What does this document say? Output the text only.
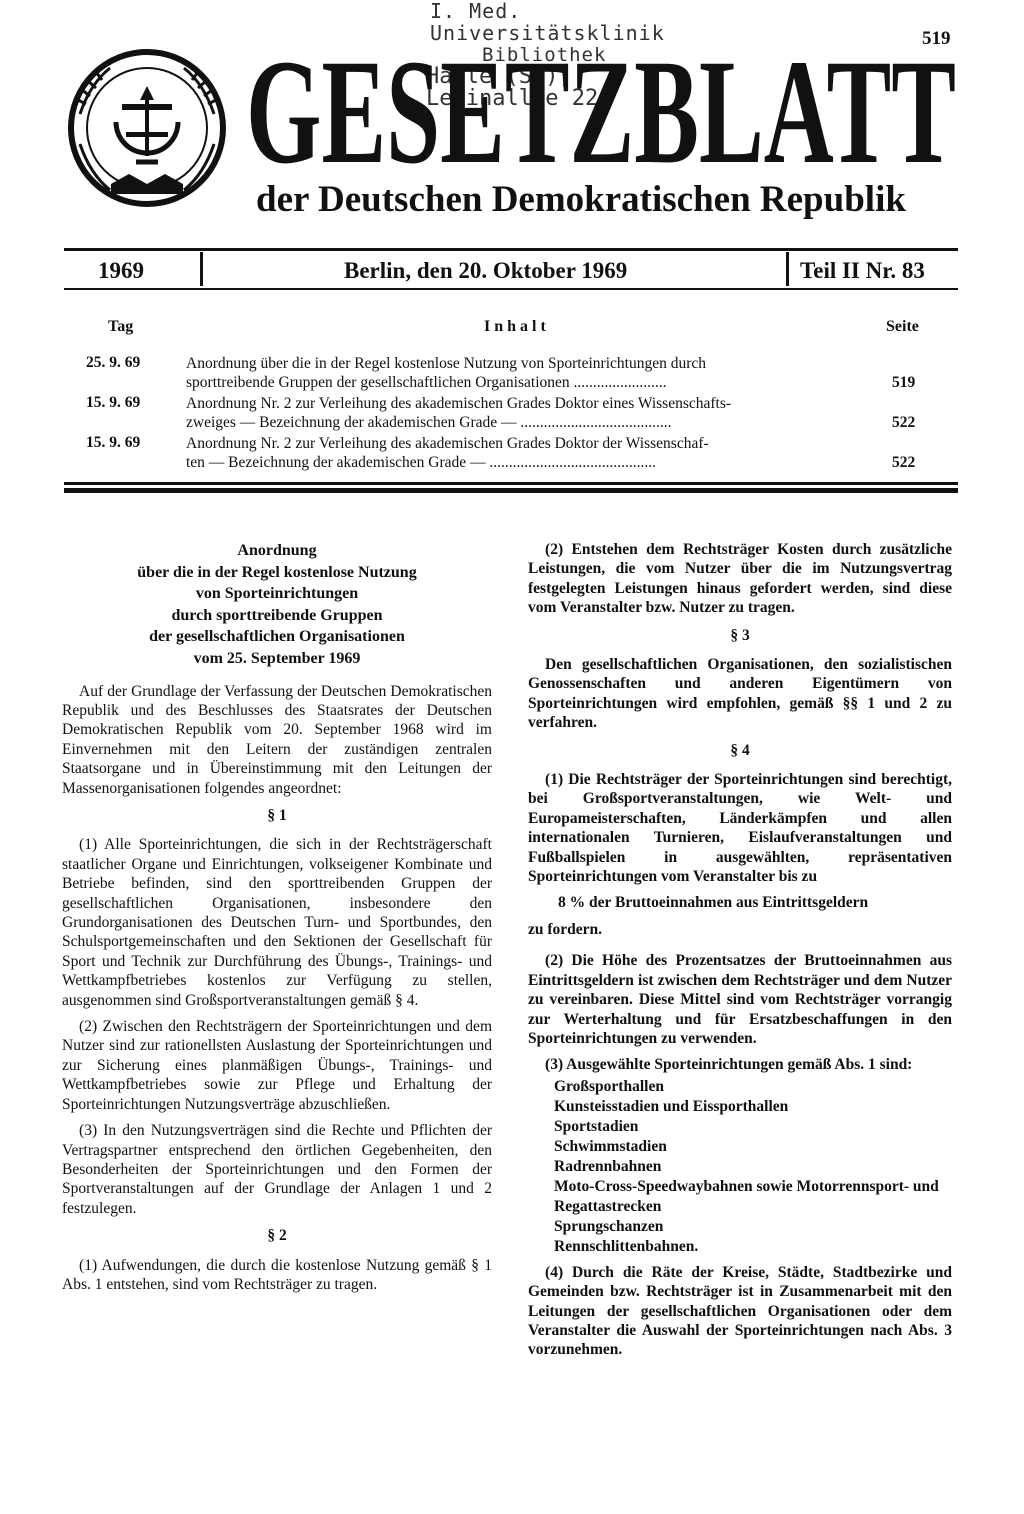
I. Med. Universitätsklinik
Bibliothek
Halle (S.), Leninallee 22
519
GESETZBLATT
der Deutschen Demokratischen Republik
1969	Berlin, den 20. Oktober 1969	Teil II Nr. 83
Tag	I n h a l t	Seite
25. 9. 69	Anordnung über die in der Regel kostenlose Nutzung von Sporteinrichtungen durch
sporttreibende Gruppen der gesellschaftlichen Organisationen ........................	519
15. 9. 69	Anordnung Nr. 2 zur Verleihung des akademischen Grades Doktor eines Wissenschafts-
zweiges — Bezeichnung der akademischen Grade — .......................................	522
15. 9. 69	Anordnung Nr. 2 zur Verleihung des akademischen Grades Doktor der Wissenschaf-
ten — Bezeichnung der akademischen Grade — ...........................................	522
Anordnung
über die in der Regel kostenlose Nutzung
von Sporteinrichtungen
durch sporttreibende Gruppen
der gesellschaftlichen Organisationen
vom 25. September 1969

Auf der Grundlage der Verfassung der Deutschen Demokratischen Republik und des Beschlusses des Staatsrates der Deutschen Demokratischen Republik vom 20. September 1968 wird im Einvernehmen mit den Leitern der zuständigen zentralen Staatsorgane und in Übereinstimmung mit den Leitungen der Massenorganisationen folgendes angeordnet:

§ 1

(1) Alle Sporteinrichtungen, die sich in der Rechtsträgerschaft staatlicher Organe und Einrichtungen, volkseigener Kombinate und Betriebe befinden, sind den sporttreibenden Gruppen der gesellschaftlichen Organisationen, insbesondere den Grundorganisationen des Deutschen Turn- und Sportbundes, den Schulsportgemeinschaften und den Sektionen der Gesellschaft für Sport und Technik zur Durchführung des Übungs-, Trainings- und Wettkampfbetriebes kostenlos zur Verfügung zu stellen, ausgenommen sind Großsportveranstaltungen gemäß § 4.

(2) Zwischen den Rechtsträgern der Sporteinrichtungen und dem Nutzer sind zur rationellsten Auslastung der Sporteinrichtungen und zur Sicherung eines planmäßigen Übungs-, Trainings- und Wettkampfbetriebes sowie zur Pflege und Erhaltung der Sporteinrichtungen Nutzungsverträge abzuschließen.

(3) In den Nutzungsverträgen sind die Rechte und Pflichten der Vertragspartner entsprechend den örtlichen Gegebenheiten, den Besonderheiten der Sporteinrichtungen und den Formen der Sportveranstaltungen auf der Grundlage der Anlagen 1 und 2 festzulegen.

§ 2

(1) Aufwendungen, die durch die kostenlose Nutzung gemäß § 1 Abs. 1 entstehen, sind vom Rechtsträger zu tragen.

(2) Entstehen dem Rechtsträger Kosten durch zusätzliche Leistungen, die vom Nutzer über die im Nutzungsvertrag festgelegten Leistungen hinaus gefordert werden, sind diese vom Veranstalter bzw. Nutzer zu tragen.

§ 3

Den gesellschaftlichen Organisationen, den sozialistischen Genossenschaften und anderen Eigentümern von Sporteinrichtungen wird empfohlen, gemäß §§ 1 und 2 zu verfahren.

§ 4

(1) Die Rechtsträger der Sporteinrichtungen sind berechtigt, bei Großsportveranstaltungen, wie Welt- und Europameisterschaften, Länderkämpfen und allen internationalen Turnieren, Eislaufveranstaltungen und Fußballspielen in ausgewählten, repräsentativen Sporteinrichtungen vom Veranstalter bis zu

8 % der Bruttoeinnahmen aus Eintrittsgeldern

zu fordern.

(2) Die Höhe des Prozentsatzes der Bruttoeinnahmen aus Eintrittsgeldern ist zwischen dem Rechtsträger und dem Nutzer zu vereinbaren. Diese Mittel sind vom Rechtsträger vorrangig zur Werterhaltung und für Ersatzbeschaffungen in den Sporteinrichtungen zu verwenden.

(3) Ausgewählte Sporteinrichtungen gemäß Abs. 1 sind:

Großsporthallen
Kunsteisstadien und Eissporthallen
Sportstadien
Schwimmstadien
Radrennbahnen
Moto-Cross-Speedwaybahnen sowie Motorrennsport- und Regattastrecken
Sprungschanzen
Rennschlittenbahnen.

(4) Durch die Räte der Kreise, Städte, Stadtbezirke und Gemeinden bzw. Rechtsträger ist in Zusammenarbeit mit den Leitungen der gesellschaftlichen Organisationen oder dem Veranstalter die Auswahl der Sporteinrichtungen nach Abs. 3 vorzunehmen.
